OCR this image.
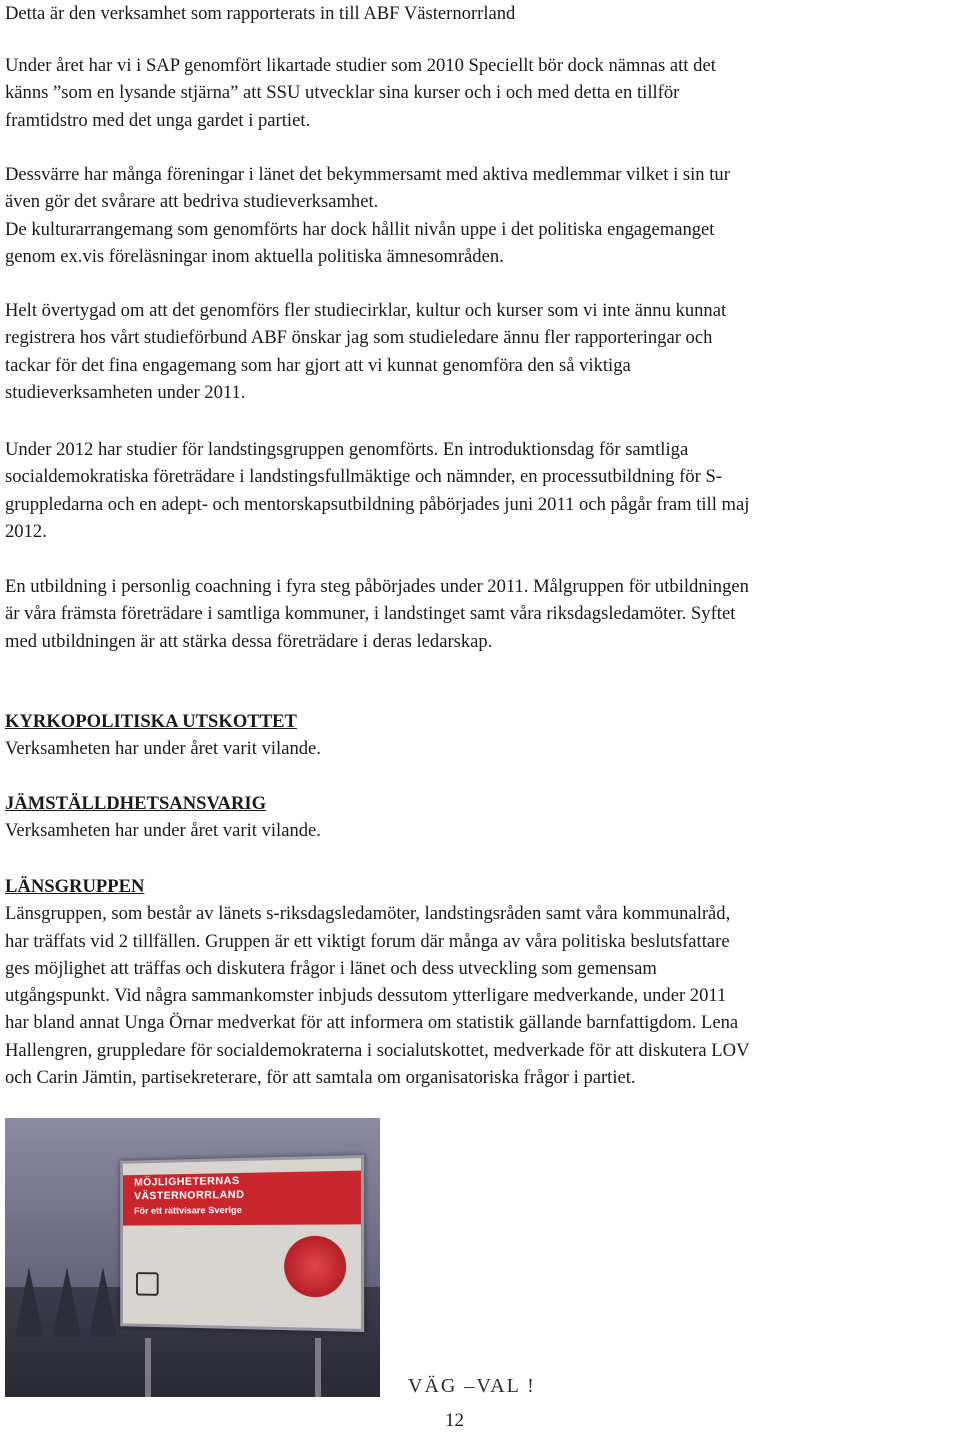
Detta är den verksamhet som rapporterats in till ABF Västernorrland

Under året har vi i SAP genomfört likartade studier som 2010 Speciellt bör dock nämnas att det

känns ”som en lysande stjärna” att SSU utvecklar sina kurser och i och med detta en tillför

framtidstro med det unga gardet i partiet.

Dessvärre har många föreningar i länet det bekymmersamt med aktiva medlemmar vilket i sin tur

även gör det svårare att bedriva studieverksamhet.

De kulturarrangemang som genomförts har dock hållit nivån uppe i det politiska engagemanget

genom ex.vis föreläsningar inom aktuella politiska ämnesområden.

Helt övertygad om att det genomförs fler studiecirklar, kultur och kurser som vi inte ännu kunnat

registrera hos vårt studieförbund ABF önskar jag som studieledare ännu fler rapporteringar och

tackar för det fina engagemang som har gjort att vi kunnat genomföra den så viktiga

studieverksamheten under 2011.

Under 2012 har studier för landstingsgruppen genomförts. En introduktionsdag för samtliga

socialdemokratiska företrädare i landstingsfullmäktige och nämnder, en processutbildning för S-

gruppledarna och en adept- och mentorskapsutbildning påbörjades juni 2011 och pågår fram till maj

2012.

En utbildning i personlig coachning i fyra steg påbörjades under 2011. Målgruppen för utbildningen

är våra främsta företrädare i samtliga kommuner, i landstinget samt våra riksdagsledamöter. Syftet

med utbildningen är att stärka dessa företrädare i deras ledarskap.

KYRKOPOLITISKA UTSKOTTET

Verksamheten har under året varit vilande.

JÄMSTÄLLDHETSANSVARIG

Verksamheten har under året varit vilande.

LÄNSGRUPPEN

Länsgruppen, som består av länets s-riksdagsledamöter, landstingsråden samt våra kommunalråd,

har träffats vid 2 tillfällen. Gruppen är ett viktigt forum där många av våra politiska beslutsfattare

ges möjlighet att träffas och diskutera frågor i länet och dess utveckling som gemensam

utgångspunkt. Vid några sammankomster inbjuds dessutom ytterligare medverkande, under 2011

har bland annat Unga Örnar medverkat för att informera om statistik gällande barnfattigdom. Lena

Hallengren, gruppledare för socialdemokraterna i socialutskottet, medverkade för att diskutera LOV

och Carin Jämtin, partisekreterare, för att samtala om organisatoriska frågor i partiet.

MÖJLIGHETERNAS
VÄSTERNORRLAND
För ett rättvisare Sverige
VÄG –VAL !
12
